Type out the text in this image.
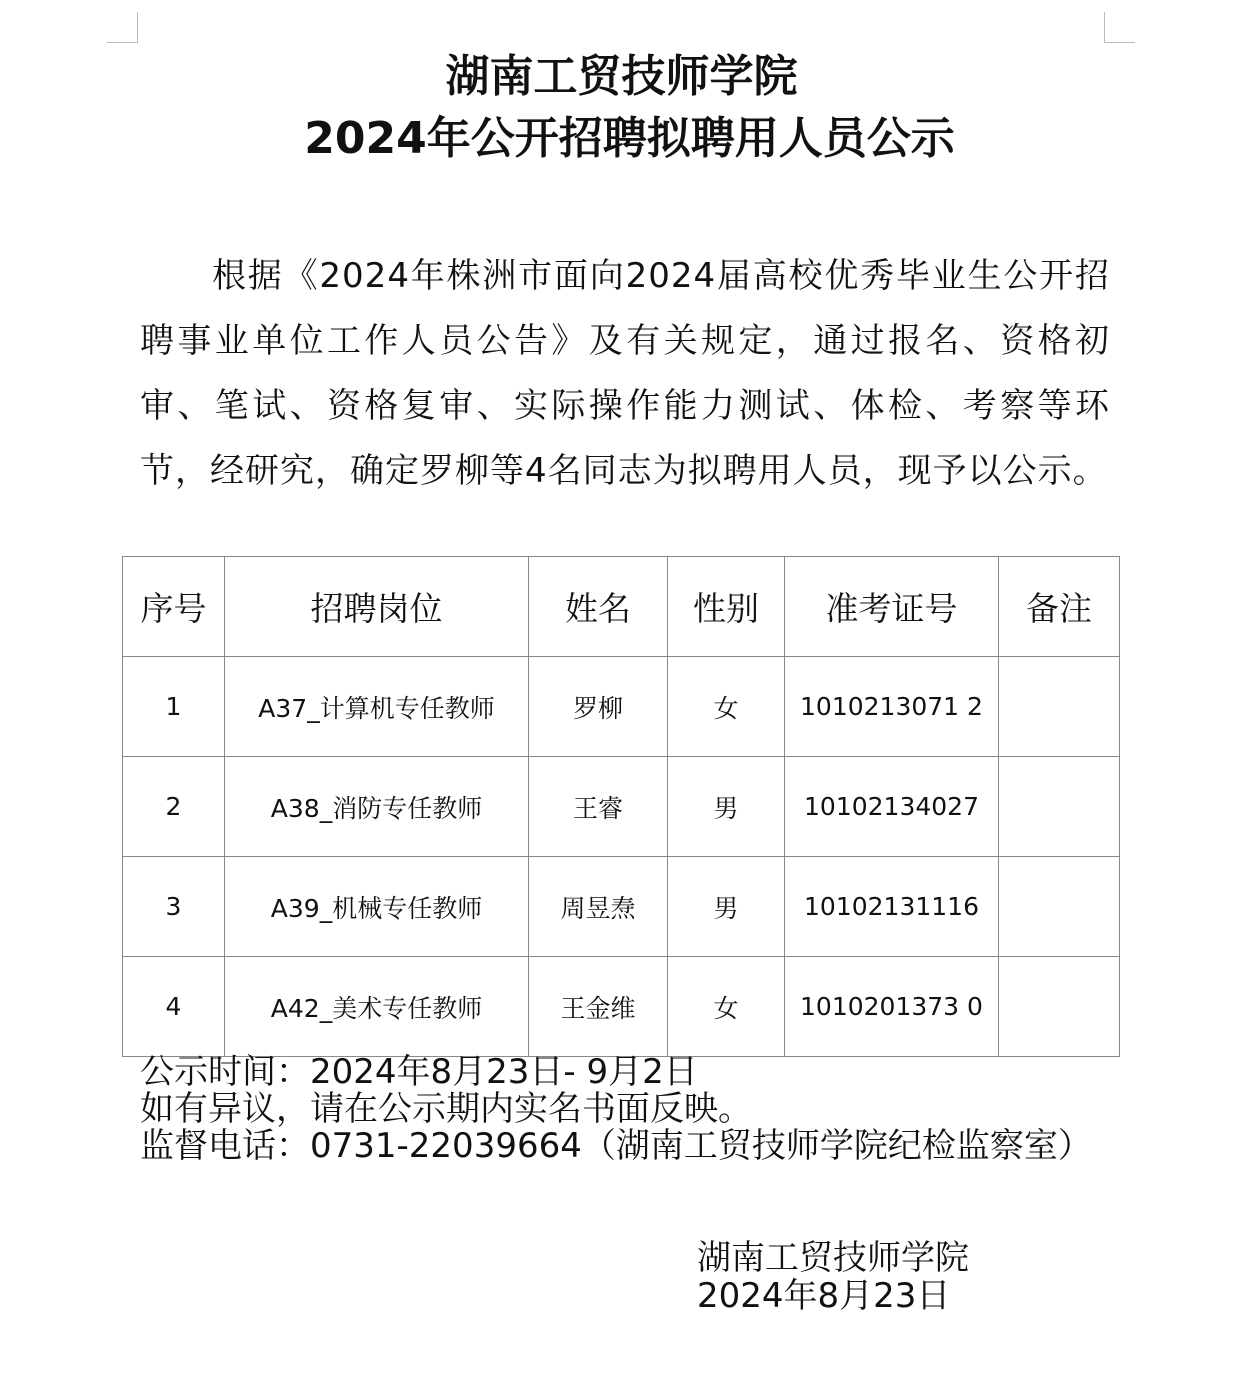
湖南工贸技师学院
2024年公开招聘拟聘用人员公示
根据《2024年株洲市面向2024届高校优秀毕业生公开招聘事业单位工作人员公告》及有关规定，通过报名、资格初审、笔试、资格复审、实际操作能力测试、体检、考察等环节，经研究，确定罗柳等4名同志为拟聘用人员，现予以公示。
序号	招聘岗位	姓名	性别	准考证号	备注
1	A37_计算机专任教师	罗柳	女	1010213071 2	
2	A38_消防专任教师	王睿	男	10102134027	
3	A39_机械专任教师	周昱焘	男	10102131116	
4	A42_美术专任教师	王金维	女	1010201373 0	
公示时间：2024年8月23日- 9月2日
如有异议，请在公示期内实名书面反映。
监督电话：0731-22039664（湖南工贸技师学院纪检监察室）
湖南工贸技师学院
2024年8月23日
